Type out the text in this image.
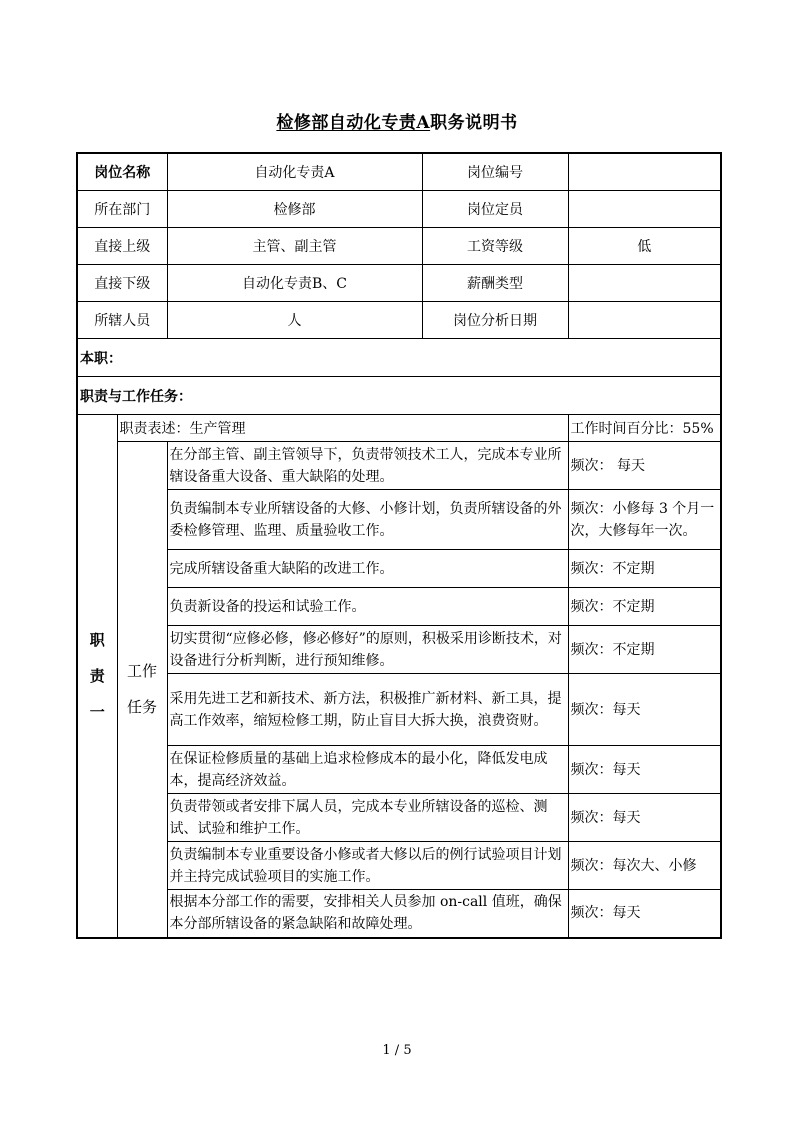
检修部自动化专责A职务说明书
岗位名称		自动化专责A	岗位编号	
所在部门		检修部	岗位定员	
直接上级		主管、副主管	工资等级	低
直接下级		自动化专责B、C	薪酬类型	
所辖人员		人	岗位分析日期	
本职：				
职责与工作任务：				

职
责
一	职责表述：生产管理			工作时间百分比：55%

	工作
任务	在分部主管、副主管领导下，负责带领技术工人，完成本专业所辖设备重大设备、重大缺陷的处理。		频次： 每天
		负责编制本专业所辖设备的大修、小修计划，负责所辖设备的外委检修管理、监理、质量验收工作。		频次：小修每 3 个月一次，大修每年一次。
		完成所辖设备重大缺陷的改进工作。		频次：不定期
		负责新设备的投运和试验工作。		频次：不定期
		切实贯彻“应修必修，修必修好”的原则，积极采用诊断技术，对设备进行分析判断，进行预知维修。		频次：不定期
		采用先进工艺和新技术、新方法，积极推广新材料、新工具，提高工作效率，缩短检修工期，防止盲目大拆大换，浪费资财。		频次：每天
		在保证检修质量的基础上追求检修成本的最小化，降低发电成本，提高经济效益。		频次：每天
		负责带领或者安排下属人员，完成本专业所辖设备的巡检、测试、试验和维护工作。		频次：每天
		负责编制本专业重要设备小修或者大修以后的例行试验项目计划并主持完成试验项目的实施工作。		频次：每次大、小修
		根据本分部工作的需要，安排相关人员参加 on-call 值班，确保本分部所辖设备的紧急缺陷和故障处理。		频次：每天
1 / 5
